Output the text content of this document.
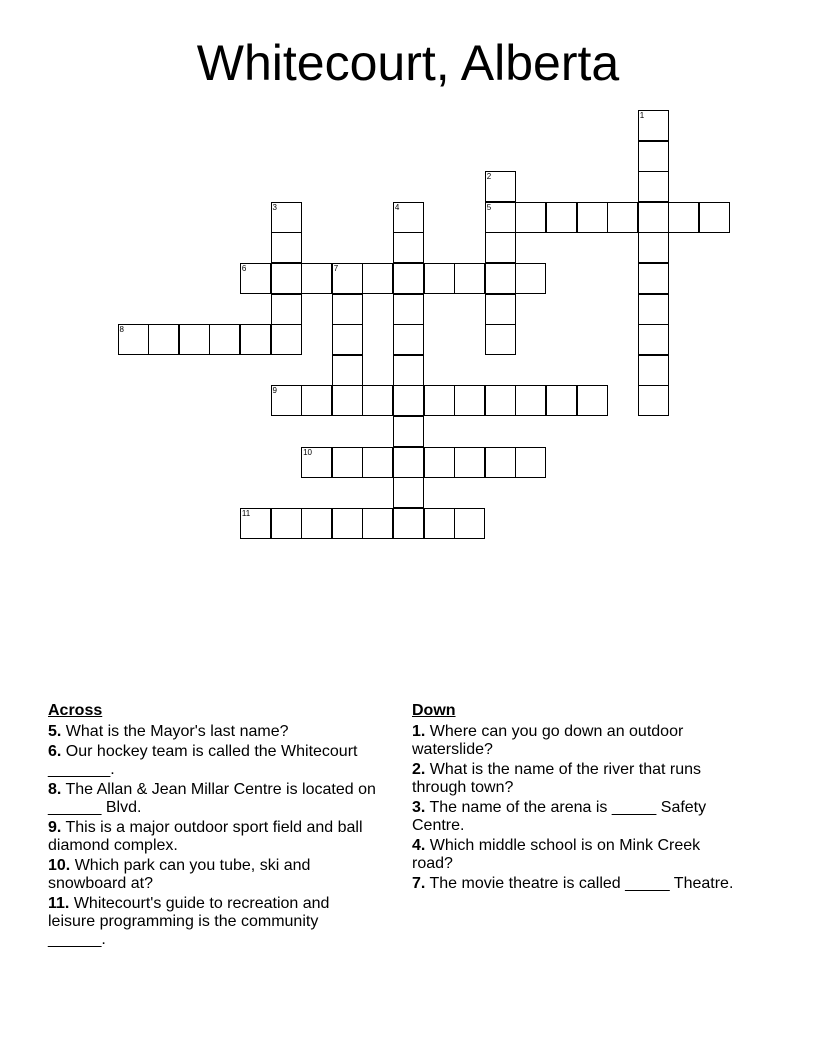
Whitecourt, Alberta
1
2
5
3	4
6	7
8
9
10
11
Across
5. What is the Mayor's last name?
6. Our hockey team is called the Whitecourt _______.
8. The Allan & Jean Millar Centre is located on ______ Blvd.
9. This is a major outdoor sport field and ball diamond complex.
10. Which park can you tube, ski and snowboard at?
11. Whitecourt's guide to recreation and leisure programming is the community ______.
Down
1. Where can you go down an outdoor waterslide?
2. What is the name of the river that runs through town?
3. The name of the arena is _____ Safety Centre.
4. Which middle school is on Mink Creek road?
7. The movie theatre is called _____ Theatre.
